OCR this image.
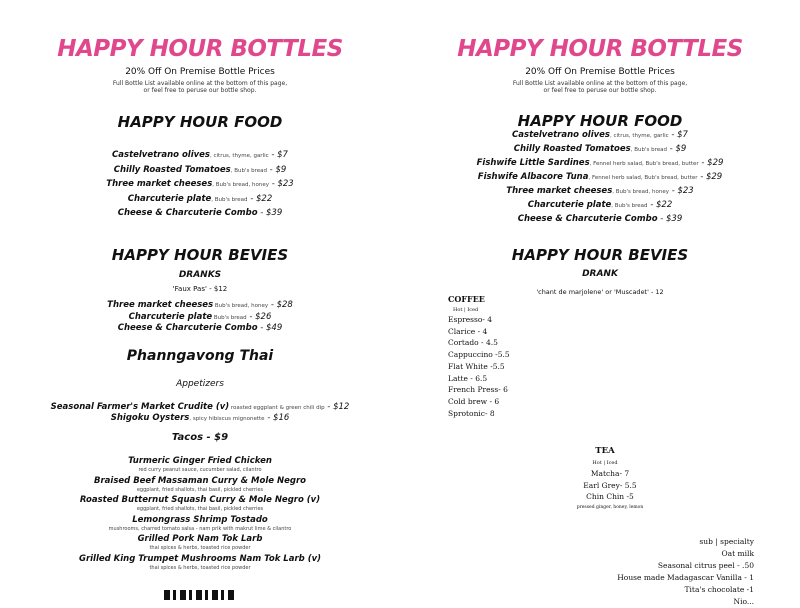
HAPPY HOUR BOTTLES
20% Off On Premise Bottle Prices
Full Bottle List available online at the bottom of this page,
or feel free to peruse our bottle shop.
HAPPY HOUR FOOD
Castelvetrano olives, citrus, thyme, garlic - $7
Chilly Roasted Tomatoes, Bub's bread - $9
Three market cheeses, Bub's bread, honey - $23
Charcuterie plate, Bub's bread - $22
Cheese & Charcuterie Combo - $39
HAPPY HOUR BEVIES
DRANKS
'Faux Pas' - $12
Three market cheeses Bub's bread, honey - $28
Charcuterie plate Bub's bread - $26
Cheese & Charcuterie Combo - $49
Phanngavong Thai
Appetizers
Seasonal Farmer's Market Crudite (v) roasted eggplant & green chili dip - $12
Shigoku Oysters, spicy hibiscus mignonette - $16
Tacos - $9
Turmeric Ginger Fried Chicken
red curry peanut sauce, cucumber salad, cilantro
Braised Beef Massaman Curry & Mole Negro
eggplant, fried shallots, thai basil, pickled cherries
Roasted Butternut Squash Curry & Mole Negro (v)
eggplant, fried shallots, thai basil, pickled cherries
Lemongrass Shrimp Tostado
mushrooms, charred tomato salsa - nam prik with makrut lime & cilantro
Grilled Pork Nam Tok Larb
thai spices & herbs, toasted rice powder
Grilled King Trumpet Mushrooms Nam Tok Larb (v)
thai spices & herbs, toasted rice powder
HAPPY HOUR BOTTLES
20% Off On Premise Bottle Prices
Full Bottle List available online at the bottom of this page,
or feel free to peruse our bottle shop.
HAPPY HOUR FOOD
Castelvetrano olives, citrus, thyme, garlic - $7
Chilly Roasted Tomatoes, Bub's bread - $9
Fishwife Little Sardines, Fennel herb salad, Bub's bread, butter - $29
Fishwife Albacore Tuna, Fennel herb salad, Bub's bread, butter - $29
Three market cheeses, Bub's bread, honey - $23
Charcuterie plate, Bub's bread - $22
Cheese & Charcuterie Combo - $39
HAPPY HOUR BEVIES
DRANK
'chant de marjolene' or 'Muscadet' - 12
COFFEE
Hot | Iced
Espresso- 4
Clarice - 4
Cortado - 4.5
Cappuccino -5.5
Flat White -5.5
Latte - 6.5
French Press- 6
Cold brew - 6
Sprotonic- 8
TEA
Hot | Iced
Matcha- 7
Earl Grey- 5.5
Chin Chin -5
pressed ginger, honey, lemon
sub | specialty
Oat milk
Seasonal citrus peel - .50
House made Madagascar Vanilla - 1
Tita's chocolate -1
Nio...
